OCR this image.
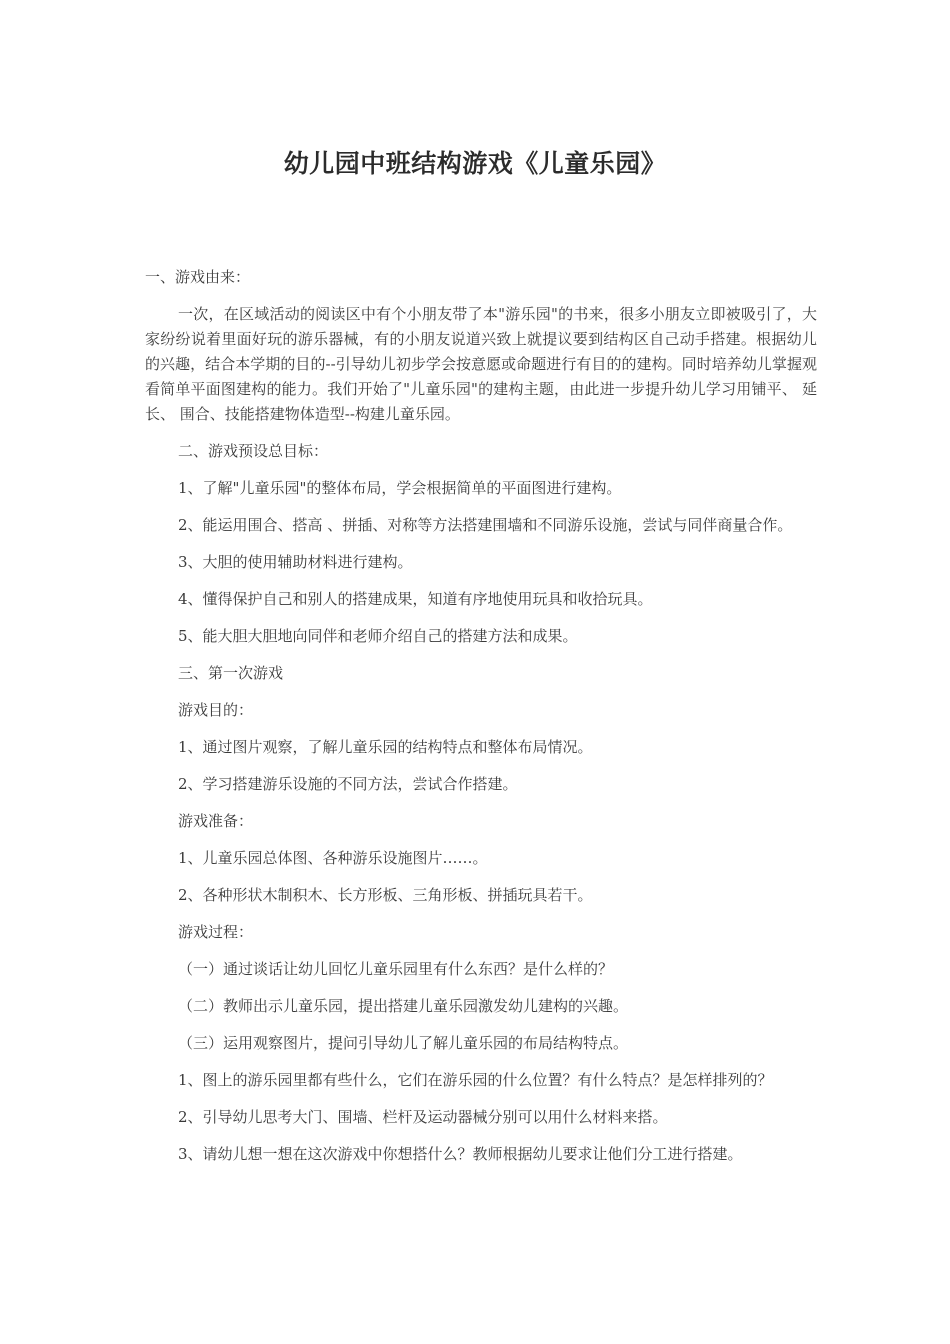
幼儿园中班结构游戏《儿童乐园》

一、游戏由来：

一次，在区域活动的阅读区中有个小朋友带了本"游乐园"的书来，很多小朋友立即被吸引了，大家纷纷说着里面好玩的游乐器械，有的小朋友说道兴致上就提议要到结构区自己动手搭建。根据幼儿的兴趣，结合本学期的目的--引导幼儿初步学会按意愿或命题进行有目的的建构。同时培养幼儿掌握观看简单平面图建构的能力。我们开始了"儿童乐园"的建构主题，由此进一步提升幼儿学习用铺平、 延长、 围合、技能搭建物体造型--构建儿童乐园。

二、游戏预设总目标：

1、了解"儿童乐园"的整体布局，学会根据简单的平面图进行建构。

2、能运用围合、搭高 、拼插、对称等方法搭建围墙和不同游乐设施，尝试与同伴商量合作。

3、大胆的使用辅助材料进行建构。

4、懂得保护自己和别人的搭建成果，知道有序地使用玩具和收拾玩具。

5、能大胆大胆地向同伴和老师介绍自己的搭建方法和成果。

三、第一次游戏

游戏目的：

1、通过图片观察，了解儿童乐园的结构特点和整体布局情况。

2、学习搭建游乐设施的不同方法，尝试合作搭建。

游戏准备：

1、儿童乐园总体图、各种游乐设施图片……。

2、各种形状木制积木、长方形板、三角形板、拼插玩具若干。

游戏过程：

（一）通过谈话让幼儿回忆儿童乐园里有什么东西？是什么样的？

（二）教师出示儿童乐园，提出搭建儿童乐园激发幼儿建构的兴趣。

（三）运用观察图片，提问引导幼儿了解儿童乐园的布局结构特点。

1、图上的游乐园里都有些什么，它们在游乐园的什么位置？有什么特点？是怎样排列的？

2、引导幼儿思考大门、围墙、栏杆及运动器械分别可以用什么材料来搭。

3、请幼儿想一想在这次游戏中你想搭什么？教师根据幼儿要求让他们分工进行搭建。
